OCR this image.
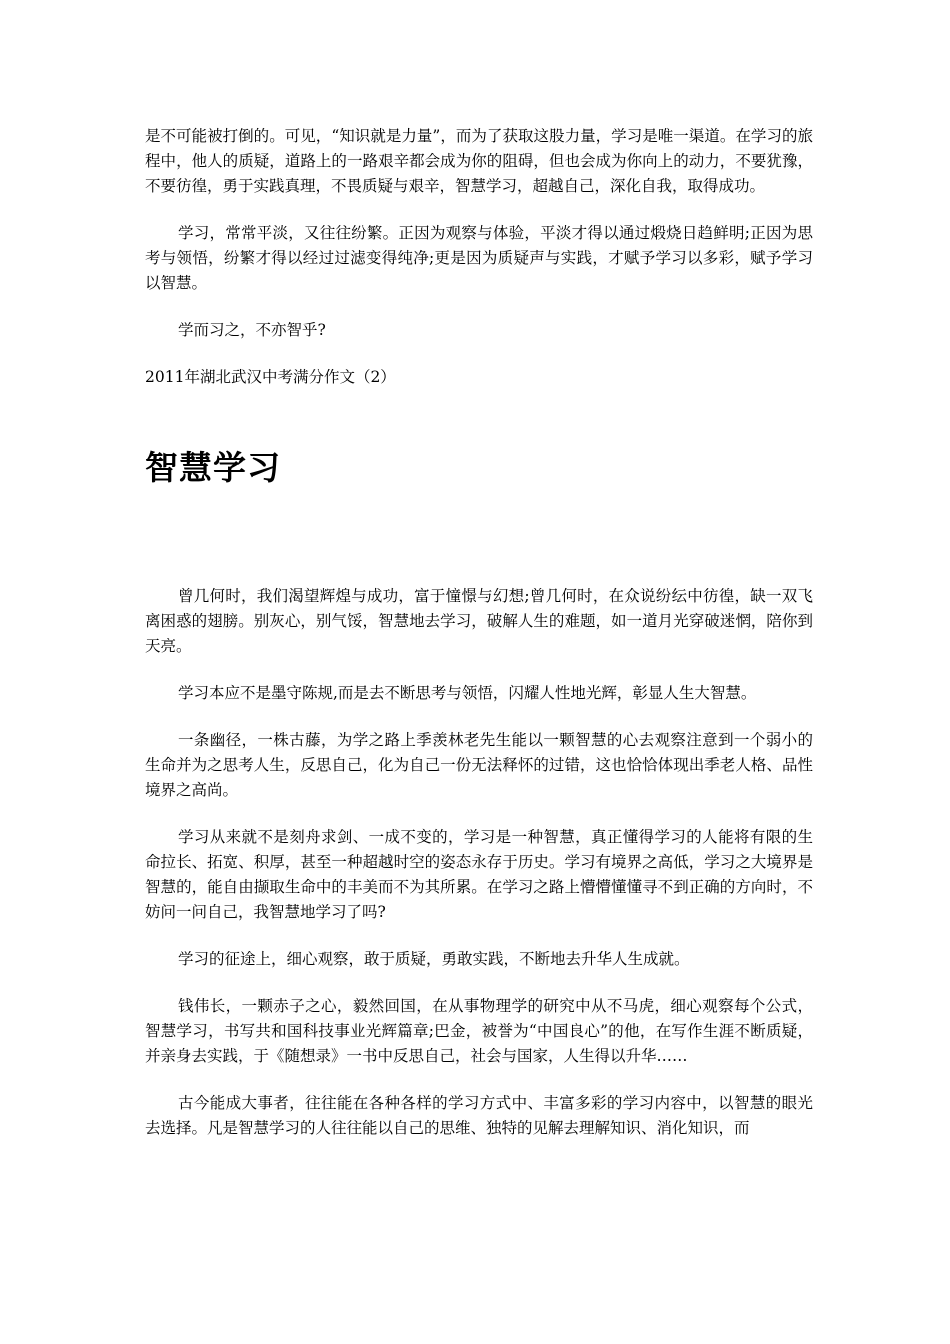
是不可能被打倒的。可见，“知识就是力量”，而为了获取这股力量，学习是唯一渠道。在学习的旅程中，他人的质疑，道路上的一路艰辛都会成为你的阻碍，但也会成为你向上的动力，不要犹豫，不要彷徨，勇于实践真理，不畏质疑与艰辛，智慧学习，超越自己，深化自我，取得成功。

学习，常常平淡，又往往纷繁。正因为观察与体验，平淡才得以通过煅烧日趋鲜明;正因为思考与领悟，纷繁才得以经过过滤变得纯净;更是因为质疑声与实践，才赋予学习以多彩，赋予学习以智慧。

学而习之，不亦智乎?

2011年湖北武汉中考满分作文（2）

智慧学习

曾几何时，我们渴望辉煌与成功，富于憧憬与幻想;曾几何时，在众说纷纭中彷徨，缺一双飞离困惑的翅膀。别灰心，别气馁，智慧地去学习，破解人生的难题，如一道月光穿破迷惘，陪你到天亮。

学习本应不是墨守陈规,而是去不断思考与领悟，闪耀人性地光辉，彰显人生大智慧。

一条幽径，一株古藤，为学之路上季羡林老先生能以一颗智慧的心去观察注意到一个弱小的生命并为之思考人生，反思自己，化为自己一份无法释怀的过错，这也恰恰体现出季老人格、品性境界之高尚。

学习从来就不是刻舟求剑、一成不变的，学习是一种智慧，真正懂得学习的人能将有限的生命拉长、拓宽、积厚，甚至一种超越时空的姿态永存于历史。学习有境界之高低，学习之大境界是智慧的，能自由撷取生命中的丰美而不为其所累。在学习之路上懵懵懂懂寻不到正确的方向时，不妨问一问自己，我智慧地学习了吗?

学习的征途上，细心观察，敢于质疑，勇敢实践，不断地去升华人生成就。

钱伟长，一颗赤子之心，毅然回国，在从事物理学的研究中从不马虎，细心观察每个公式，智慧学习，书写共和国科技事业光辉篇章;巴金，被誉为“中国良心”的他，在写作生涯不断质疑，并亲身去实践，于《随想录》一书中反思自己，社会与国家，人生得以升华……

古今能成大事者，往往能在各种各样的学习方式中、丰富多彩的学习内容中，以智慧的眼光去选择。凡是智慧学习的人往往能以自己的思维、独特的见解去理解知识、消化知识，而
